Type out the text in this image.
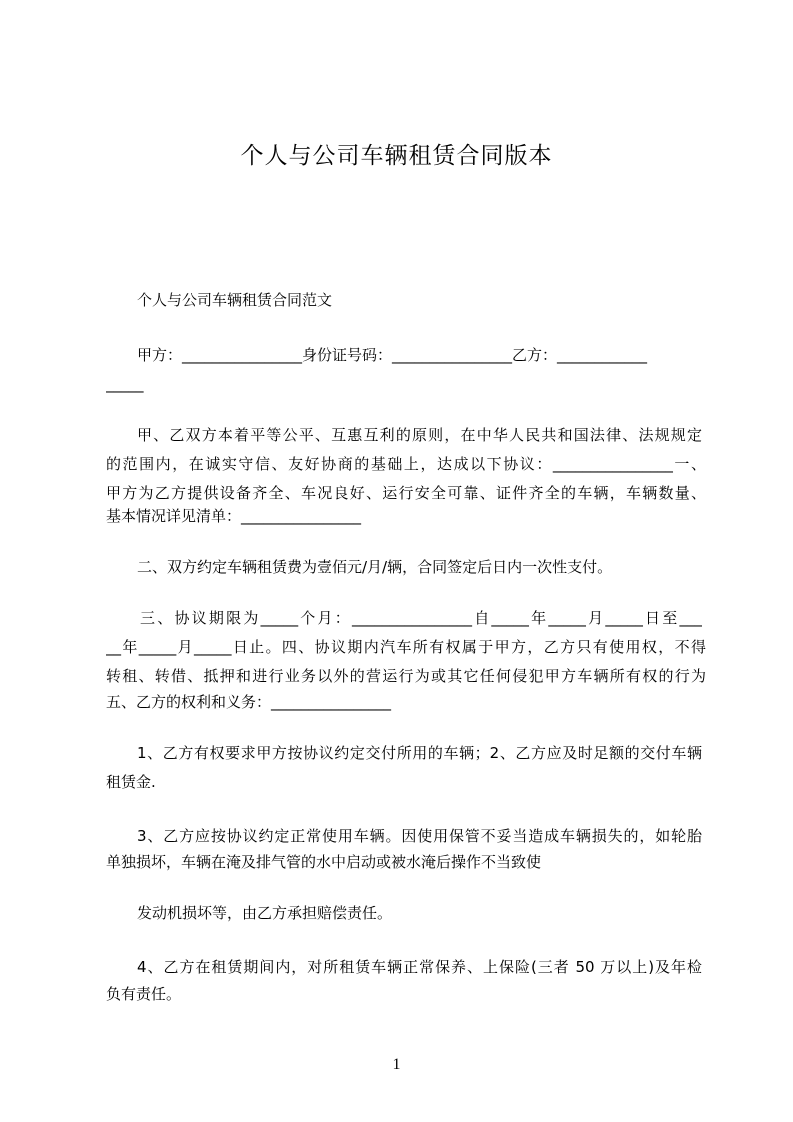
个人与公司车辆租赁合同版本
个人与公司车辆租赁合同范文
甲方：________________身份证号码：________________乙方：____________
_____
甲、乙双方本着平等公平、互惠互利的原则，在中华人民共和国法律、法规规定
的范围内，在诚实守信、友好协商的基础上，达成以下协议：________________一、
甲方为乙方提供设备齐全、车况良好、运行安全可靠、证件齐全的车辆，车辆数量、
基本情况详见清单：________________
二、双方约定车辆租赁费为壹佰元/月/辆，合同签定后日内一次性支付。
三、协议期限为_____个月：________________自_____年_____月_____日至___
__年_____月_____日止。四、协议期内汽车所有权属于甲方，乙方只有使用权，不得
转租、转借、抵押和进行业务以外的营运行为或其它任何侵犯甲方车辆所有权的行为
五、乙方的权利和义务：________________
1、乙方有权要求甲方按协议约定交付所用的车辆；2、乙方应及时足额的交付车辆
租赁金.
3、乙方应按协议约定正常使用车辆。因使用保管不妥当造成车辆损失的，如轮胎
单独损坏，车辆在淹及排气管的水中启动或被水淹后操作不当致使
发动机损坏等，由乙方承担赔偿责任。
4、乙方在租赁期间内，对所租赁车辆正常保养、上保险(三者 50 万以上)及年检
负有责任。
1
